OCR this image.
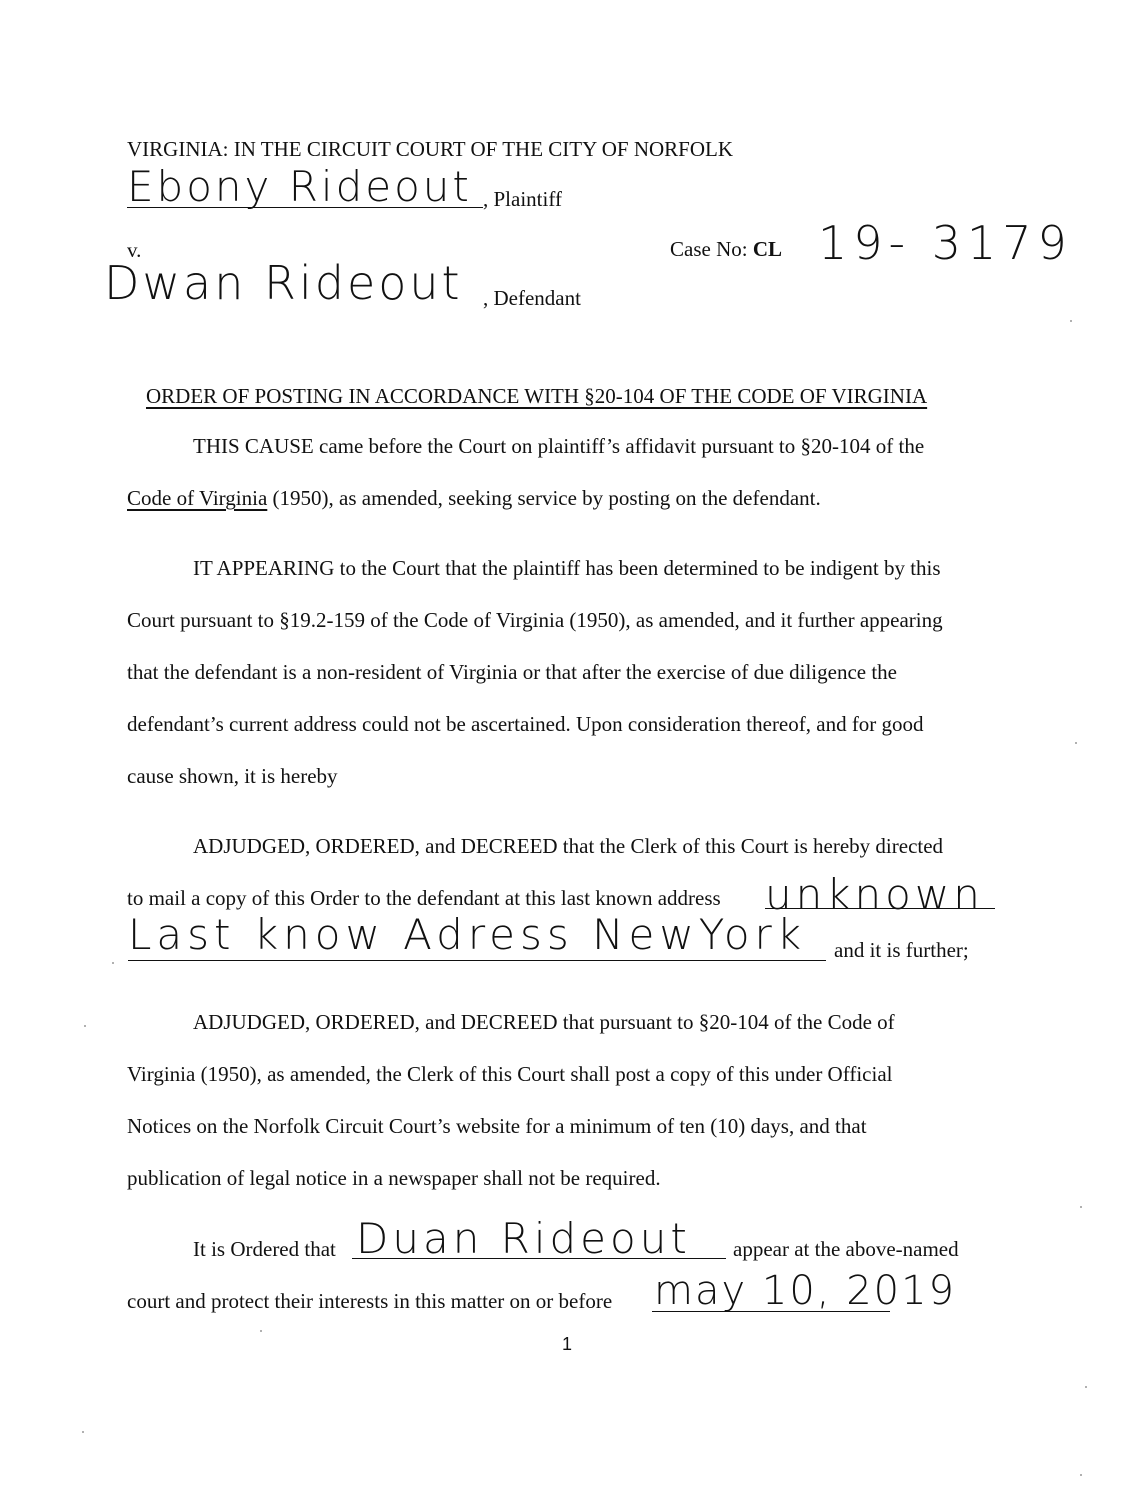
VIRGINIA: IN THE CIRCUIT COURT OF THE CITY OF NORFOLK
Ebony Rideout , Plaintiff
v.	Case No: CL 19- 3179
Dwan Rideout , Defendant
ORDER OF POSTING IN ACCORDANCE WITH §20-104 OF THE CODE OF VIRGINIA
THIS CAUSE came before the Court on plaintiff’s affidavit pursuant to §20-104 of the
Code of Virginia (1950), as amended, seeking service by posting on the defendant.
IT APPEARING to the Court that the plaintiff has been determined to be indigent by this
Court pursuant to §19.2-159 of the Code of Virginia (1950), as amended, and it further appearing
that the defendant is a non-resident of Virginia or that after the exercise of due diligence the
defendant’s current address could not be ascertained. Upon consideration thereof, and for good
cause shown, it is hereby
ADJUDGED, ORDERED, and DECREED that the Clerk of this Court is hereby directed
to mail a copy of this Order to the defendant at this last known address unknown
Last know Adress NewYork and it is further;
ADJUDGED, ORDERED, and DECREED that pursuant to §20-104 of the Code of
Virginia (1950), as amended, the Clerk of this Court shall post a copy of this under Official
Notices on the Norfolk Circuit Court’s website for a minimum of ten (10) days, and that
publication of legal notice in a newspaper shall not be required.
It is Ordered that Duan Rideout appear at the above-named
court and protect their interests in this matter on or before may 10, 2019
1
